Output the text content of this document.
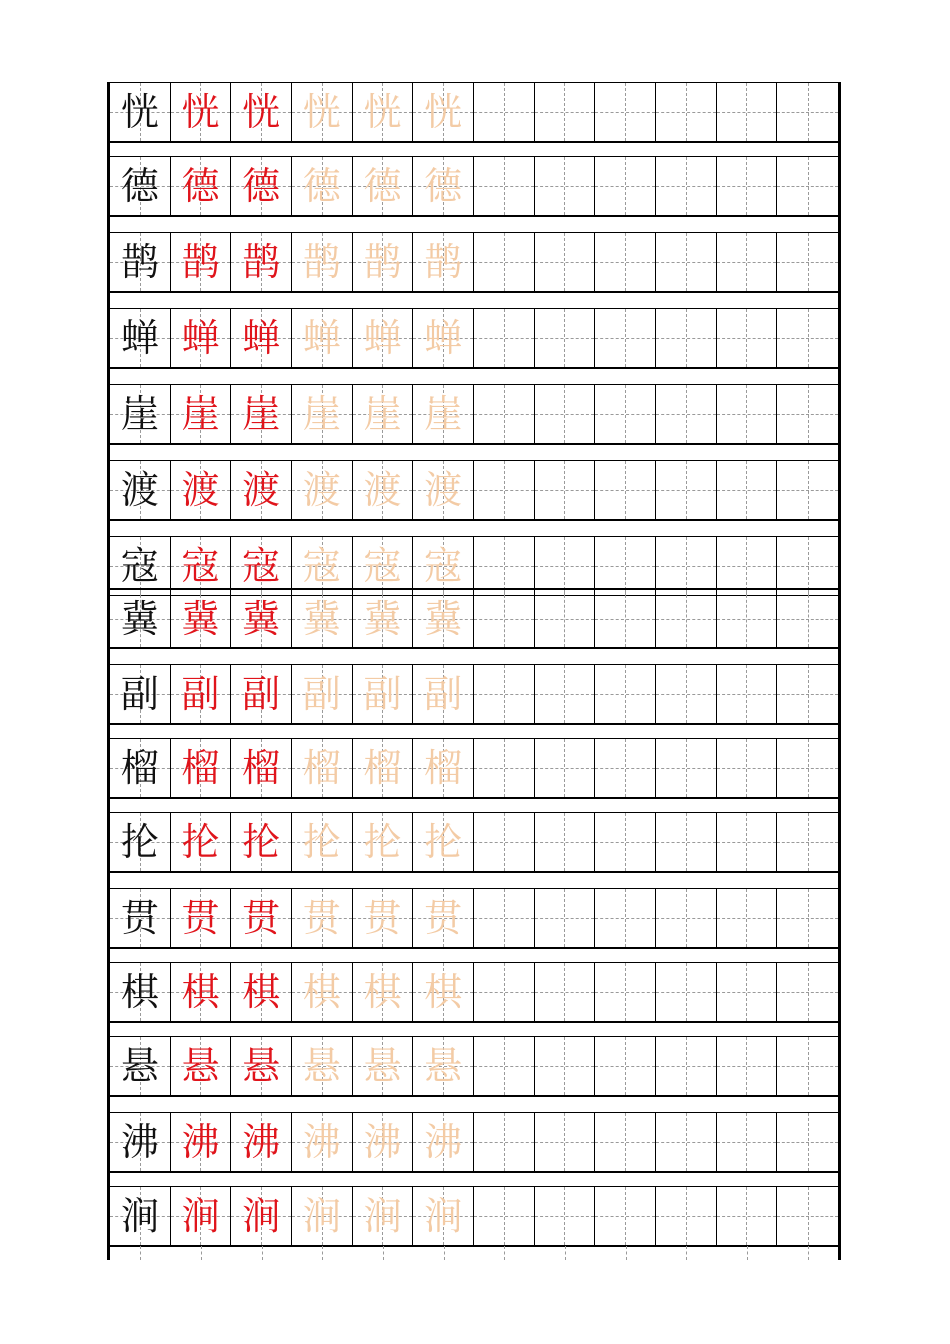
恍 恍 恍 恍 恍 恍
德 德 德 德 德 德
鹊 鹊 鹊 鹊 鹊 鹊
蝉 蝉 蝉 蝉 蝉 蝉
崖 崖 崖 崖 崖 崖
渡 渡 渡 渡 渡 渡
寇 寇 寇 寇 寇 寇
冀 冀 冀 冀 冀 冀
副 副 副 副 副 副
榴 榴 榴 榴 榴 榴
抡 抡 抡 抡 抡 抡
贯 贯 贯 贯 贯 贯
棋 棋 棋 棋 棋 棋
悬 悬 悬 悬 悬 悬
沸 沸 沸 沸 沸 沸
涧 涧 涧 涧 涧 涧
